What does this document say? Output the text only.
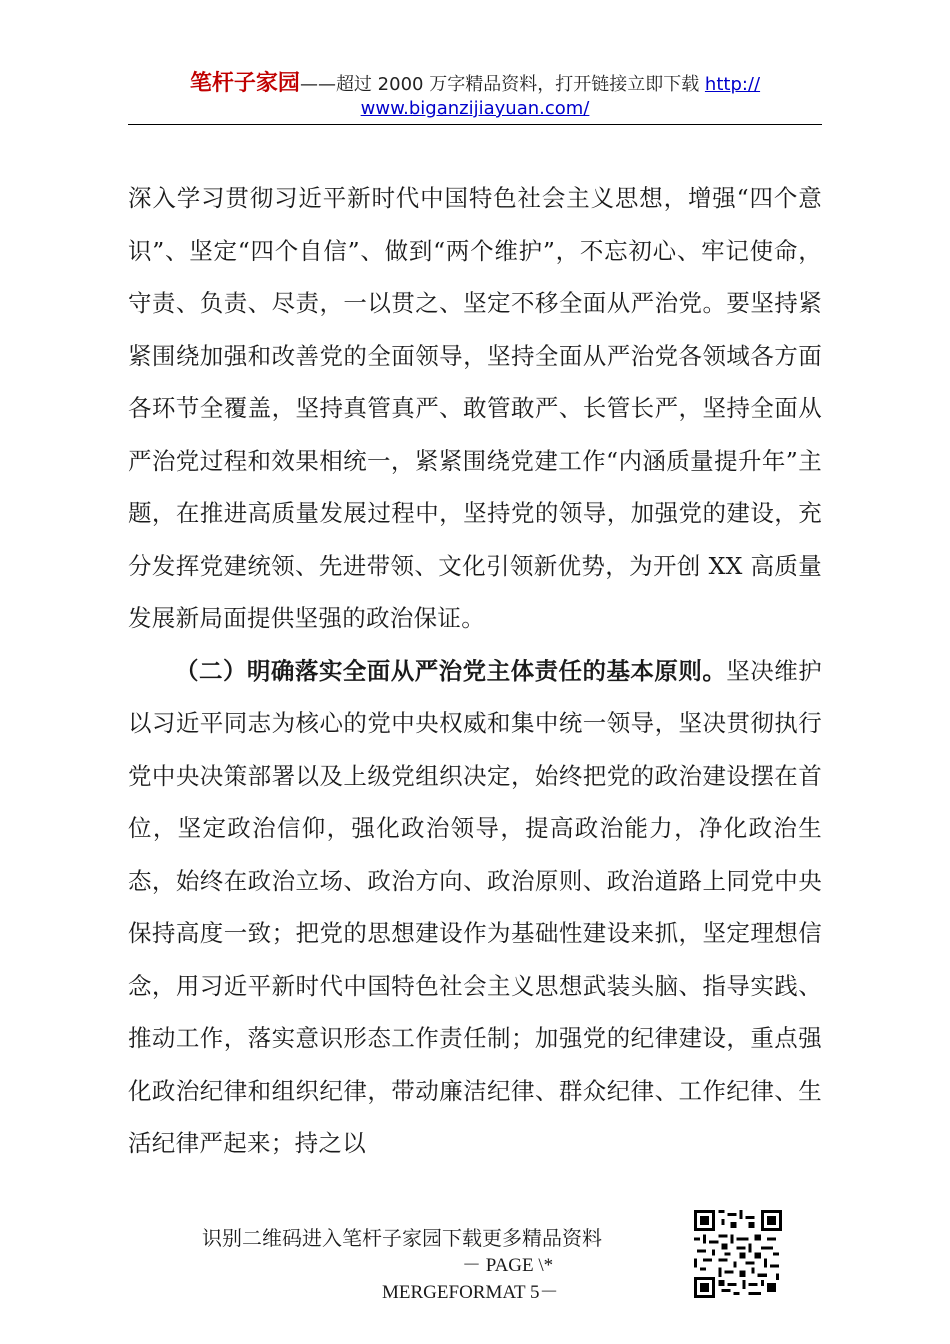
笔杆子家园——超过 2000 万字精品资料，打开链接立即下载 http://
www.biganzijiayuan.com/

深入学习贯彻习近平新时代中国特色社会主义思想，增强“四个意识”、坚定“四个自信”、做到“两个维护”，不忘初心、牢记使命，守责、负责、尽责，一以贯之、坚定不移全面从严治党。要坚持紧紧围绕加强和改善党的全面领导，坚持全面从严治党各领域各方面各环节全覆盖，坚持真管真严、敢管敢严、长管长严，坚持全面从严治党过程和效果相统一，紧紧围绕党建工作“内涵质量提升年”主题，在推进高质量发展过程中，坚持党的领导，加强党的建设，充分发挥党建统领、先进带领、文化引领新优势，为开创 XX 高质量发展新局面提供坚强的政治保证。

（二）明确落实全面从严治党主体责任的基本原则。坚决维护以习近平同志为核心的党中央权威和集中统一领导，坚决贯彻执行党中央决策部署以及上级党组织决定，始终把党的政治建设摆在首位，坚定政治信仰，强化政治领导，提高政治能力，净化政治生态，始终在政治立场、政治方向、政治原则、政治道路上同党中央保持高度一致；把党的思想建设作为基础性建设来抓，坚定理想信念，用习近平新时代中国特色社会主义思想武装头脑、指导实践、推动工作，落实意识形态工作责任制；加强党的纪律建设，重点强化政治纪律和组织纪律，带动廉洁纪律、群众纪律、工作纪律、生活纪律严起来；持之以

识别二维码进入笔杆子家园下载更多精品资料
－ PAGE \*
MERGEFORMAT 5－
